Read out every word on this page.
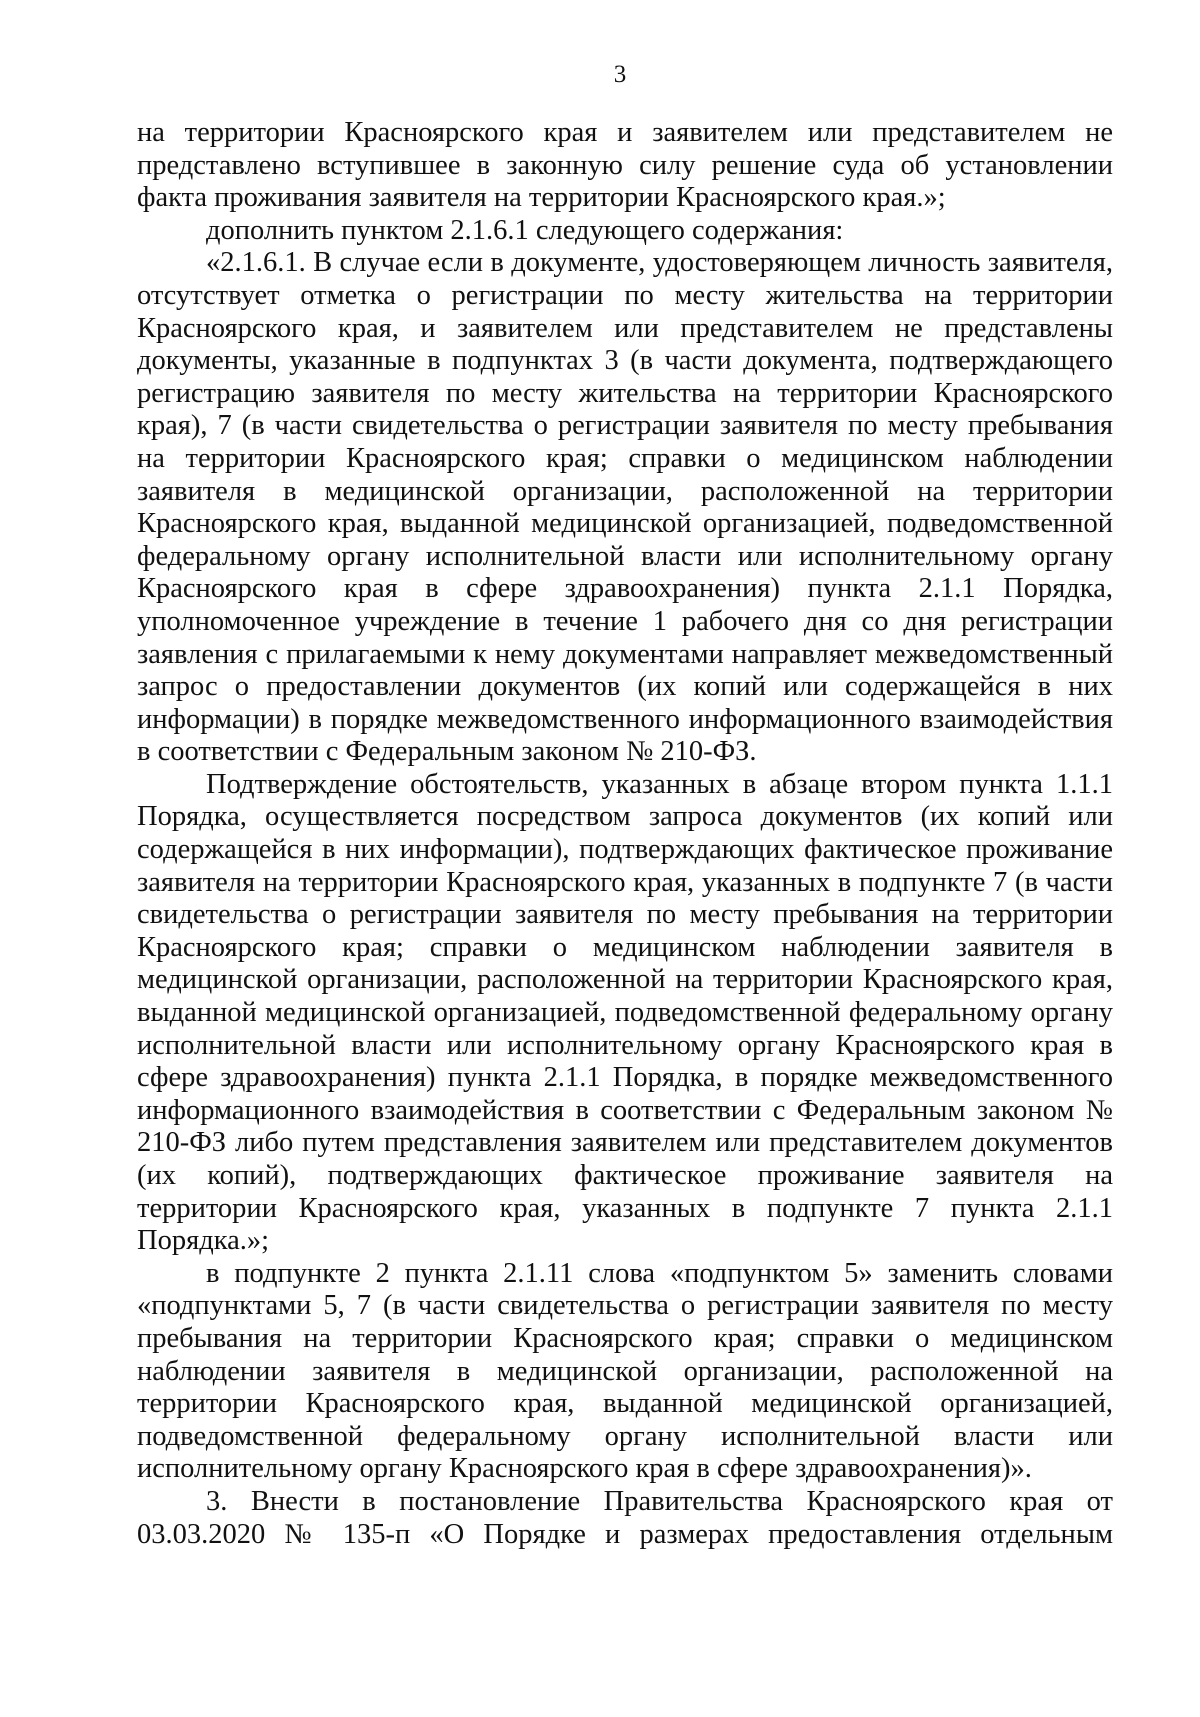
3

на территории Красноярского края и заявителем или представителем не представлено вступившее в законную силу решение суда об установлении факта проживания заявителя на территории Красноярского края.»;

дополнить пунктом 2.1.6.1 следующего содержания:

«2.1.6.1. В случае если в документе, удостоверяющем личность заявителя, отсутствует отметка о регистрации по месту жительства на территории Красноярского края, и заявителем или представителем не представлены документы, указанные в подпунктах 3 (в части документа, подтверждающего регистрацию заявителя по месту жительства на территории Красноярского края), 7 (в части свидетельства о регистрации заявителя по месту пребывания на территории Красноярского края; справки о медицинском наблюдении заявителя в медицинской организации, расположенной на территории Красноярского края, выданной медицинской организацией, подведомственной федеральному органу исполнительной власти или исполнительному органу Красноярского края в сфере здравоохранения) пункта 2.1.1 Порядка, уполномоченное учреждение в течение 1 рабочего дня со дня регистрации заявления с прилагаемыми к нему документами направляет межведомственный запрос о предоставлении документов (их копий или содержащейся в них информации) в порядке межведомственного информационного взаимодействия в соответствии с Федеральным законом № 210-ФЗ.

Подтверждение обстоятельств, указанных в абзаце втором пункта 1.1.1 Порядка, осуществляется посредством запроса документов (их копий или содержащейся в них информации), подтверждающих фактическое проживание заявителя на территории Красноярского края, указанных в подпункте 7 (в части свидетельства о регистрации заявителя по месту пребывания на территории Красноярского края; справки о медицинском наблюдении заявителя в медицинской организации, расположенной на территории Красноярского края, выданной медицинской организацией, подведомственной федеральному органу исполнительной власти или исполнительному органу Красноярского края в сфере здравоохранения) пункта 2.1.1 Порядка, в порядке межведомственного информационного взаимодействия в соответствии с Федеральным законом № 210-ФЗ либо путем представления заявителем или представителем документов (их копий), подтверждающих фактическое проживание заявителя на территории Красноярского края, указанных в подпункте 7 пункта 2.1.1 Порядка.»;

в подпункте 2 пункта 2.1.11 слова «подпунктом 5» заменить словами «подпунктами 5, 7 (в части свидетельства о регистрации заявителя по месту пребывания на территории Красноярского края; справки о медицинском наблюдении заявителя в медицинской организации, расположенной на территории Красноярского края, выданной медицинской организацией, подведомственной федеральному органу исполнительной власти или исполнительному органу Красноярского края в сфере здравоохранения)».

3. Внести в постановление Правительства Красноярского края от 03.03.2020 № 135-п «О Порядке и размерах предоставления отдельным
